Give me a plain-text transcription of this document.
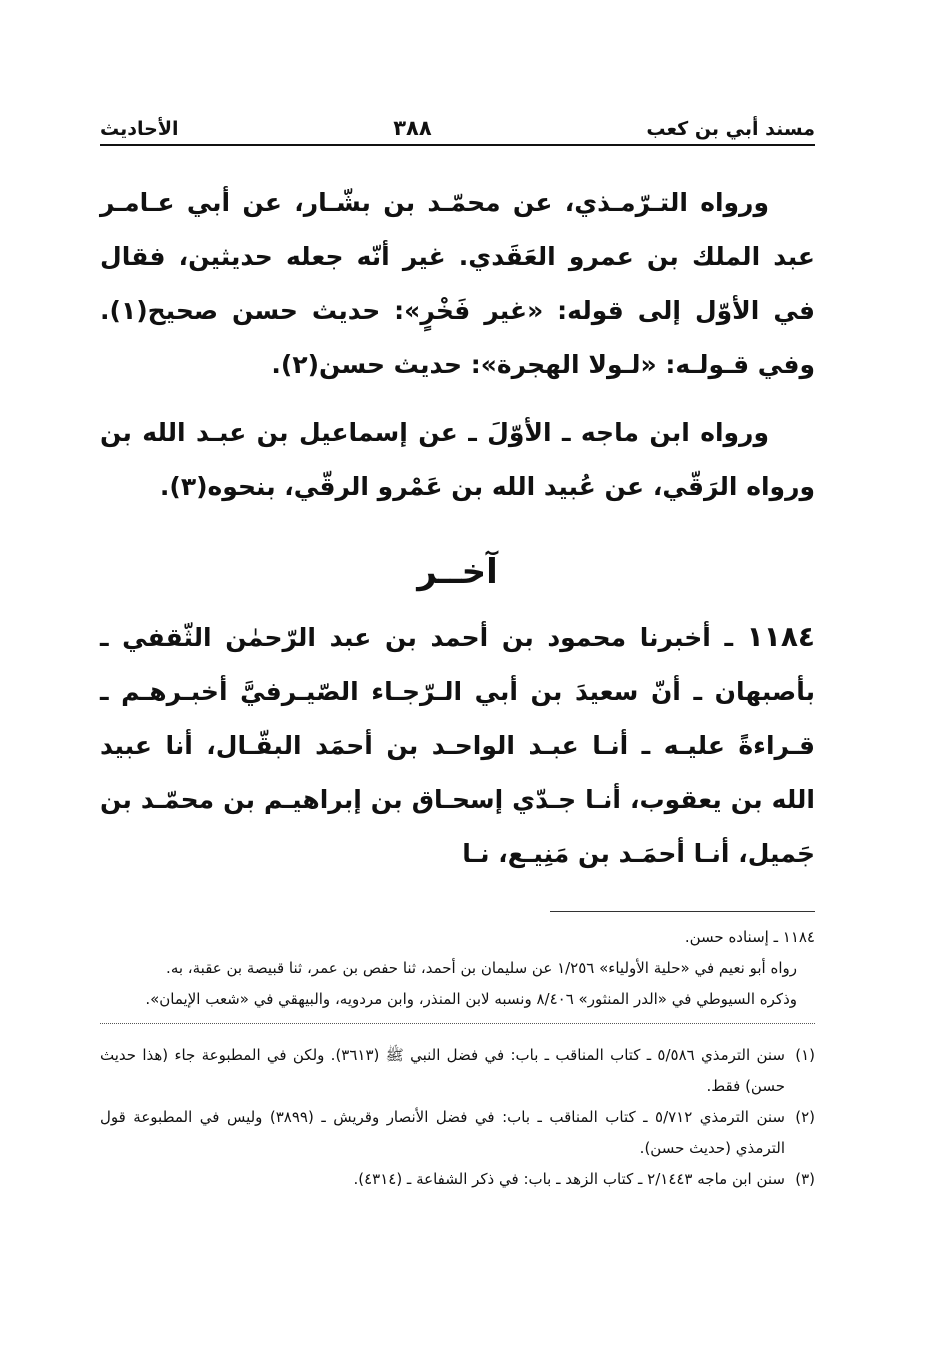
مسند أبي بن كعب
٣٨٨
الأحاديث

ورواه التـرّمـذي، عن محمّـد بن بشّـار، عن أبي عـامـر عبد الملك بن عمرو العَقَدي. غير أنّه جعله حديثين، فقال في الأوّل إلى قوله: «غير فَخْرٍ»: حديث حسن صحيح(١). وفي قـولـه: «لـولا الهجرة»: حديث حسن(٢).

ورواه ابن ماجه ـ الأوّلَ ـ عن إسماعيل بن عبـد الله بن ورواه الرَقّي، عن عُبيد الله بن عَمْرو الرقّي، بنحوه(٣).

آخــر

١١٨٤ ـ أخبرنا محمود بن أحمد بن عبد الرّحمٰن الثّقفي ـ بأصبهان ـ أنّ سعيدَ بن أبي الـرّجـاء الصّيـرفيَّ أخبـرهـم ـ قـراءةً عليـه ـ أنـا عبـد الواحـد بن أحمَد البقّـال، أنا عبيد الله بن يعقوب، أنـا جـدّي إسحـاق بن إبراهيـم بن محمّـد بن جَميل، أنـا أحمَـد بن مَنِيـع، نـا

١١٨٤ ـ إسناده حسن.
رواه أبو نعيم في «حلية الأولياء» ١/٢٥٦ عن سليمان بن أحمد، ثنا حفص بن عمر، ثنا قبيصة بن عقبة، به.
وذكره السيوطي في «الدر المنثور» ٨/٤٠٦ ونسبه لابن المنذر، وابن مردويه، والبيهقي في «شعب الإيمان».
(١)
سنن الترمذي ٥/٥٨٦ ـ كتاب المناقب ـ باب: في فضل النبي ﷺ (٣٦١٣). ولكن في المطبوعة جاء (هذا حديث حسن) فقط.
(٢)
سنن الترمذي ٥/٧١٢ ـ كتاب المناقب ـ باب: في فضل الأنصار وقريش ـ (٣٨٩٩) وليس في المطبوعة قول الترمذي (حديث حسن).
(٣)
سنن ابن ماجه ٢/١٤٤٣ ـ كتاب الزهد ـ باب: في ذكر الشفاعة ـ (٤٣١٤).
